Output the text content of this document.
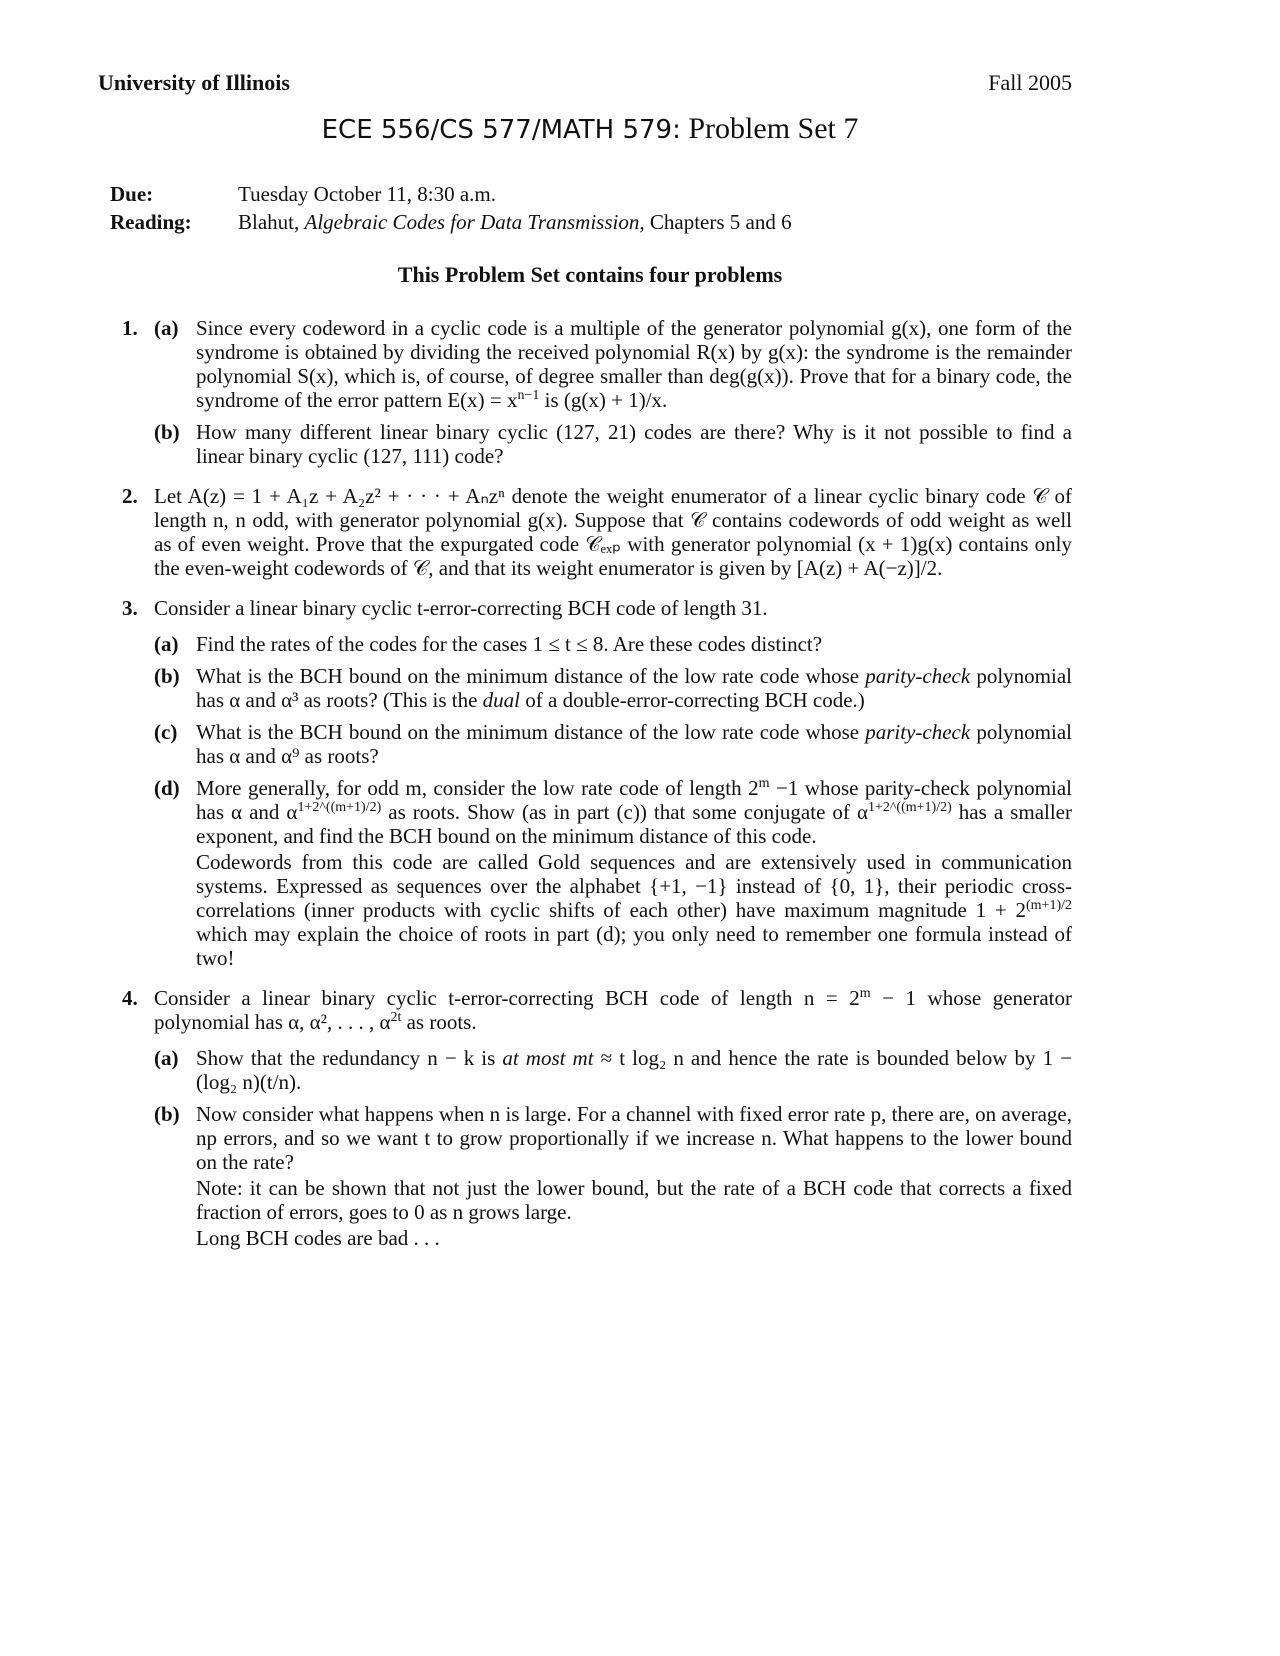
University of Illinois	Fall 2005
ECE 556/CS 577/MATH 579: Problem Set 7
Due:	Tuesday October 11, 8:30 a.m.
Reading:	Blahut, Algebraic Codes for Data Transmission, Chapters 5 and 6
This Problem Set contains four problems
1. (a) Since every codeword in a cyclic code is a multiple of the generator polynomial g(x), one form of the syndrome is obtained by dividing the received polynomial R(x) by g(x): the syndrome is the remainder polynomial S(x), which is, of course, of degree smaller than deg(g(x)). Prove that for a binary code, the syndrome of the error pattern $E(x) = x^{n-1}$ is (g(x) + 1)/x.
(b) How many different linear binary cyclic (127, 21) codes are there? Why is it not possible to find a linear binary cyclic (127, 111) code?
2. Let A(z) = 1 + A₁z + A₂z² + · · · + Aₙzⁿ denote the weight enumerator of a linear cyclic binary code 𝒞 of length n, n odd, with generator polynomial g(x). Suppose that 𝒞 contains codewords of odd weight as well as of even weight. Prove that the expurgated code 𝒞ₑₓₚ with generator polynomial (x + 1)g(x) contains only the even-weight codewords of 𝒞, and that its weight enumerator is given by [A(z) + A(−z)]/2.
3. Consider a linear binary cyclic t-error-correcting BCH code of length 31.
(a) Find the rates of the codes for the cases 1 ≤ t ≤ 8. Are these codes distinct?
(b) What is the BCH bound on the minimum distance of the low rate code whose parity-check polynomial has α and α³ as roots? (This is the dual of a double-error-correcting BCH code.)
(c) What is the BCH bound on the minimum distance of the low rate code whose parity-check polynomial has α and α⁹ as roots?
(d) More generally, for odd m, consider the low rate code of length $2^m -1$ whose parity-check polynomial has α and $\alpha^{1+2\^{}((m+1)/2)}$ as roots. Show (as in part (c)) that some conjugate of $\alpha^{1+2\^{}((m+1)/2)}$ has a smaller exponent, and find the BCH bound on the minimum distance of this code.
Codewords from this code are called Gold sequences and are extensively used in communication systems. Expressed as sequences over the alphabet {+1, −1} instead of {0, 1}, their periodic cross-correlations (inner products with cyclic shifts of each other) have maximum magnitude $1 + 2^{(m+1)/2}$ which may explain the choice of roots in part (d); you only need to remember one formula instead of two!
4. Consider a linear binary cyclic t-error-correcting BCH code of length $n = 2^m - 1$ whose generator polynomial has α, α², . . . , $\alpha^{2t}$ as roots.
(a) Show that the redundancy n − k is at most mt ≈ t log₂ n and hence the rate is bounded below by 1 − (log₂ n)(t/n).
(b) Now consider what happens when n is large. For a channel with fixed error rate p, there are, on average, np errors, and so we want t to grow proportionally if we increase n. What happens to the lower bound on the rate?
Note: it can be shown that not just the lower bound, but the rate of a BCH code that corrects a fixed fraction of errors, goes to 0 as n grows large.
Long BCH codes are bad . . .
